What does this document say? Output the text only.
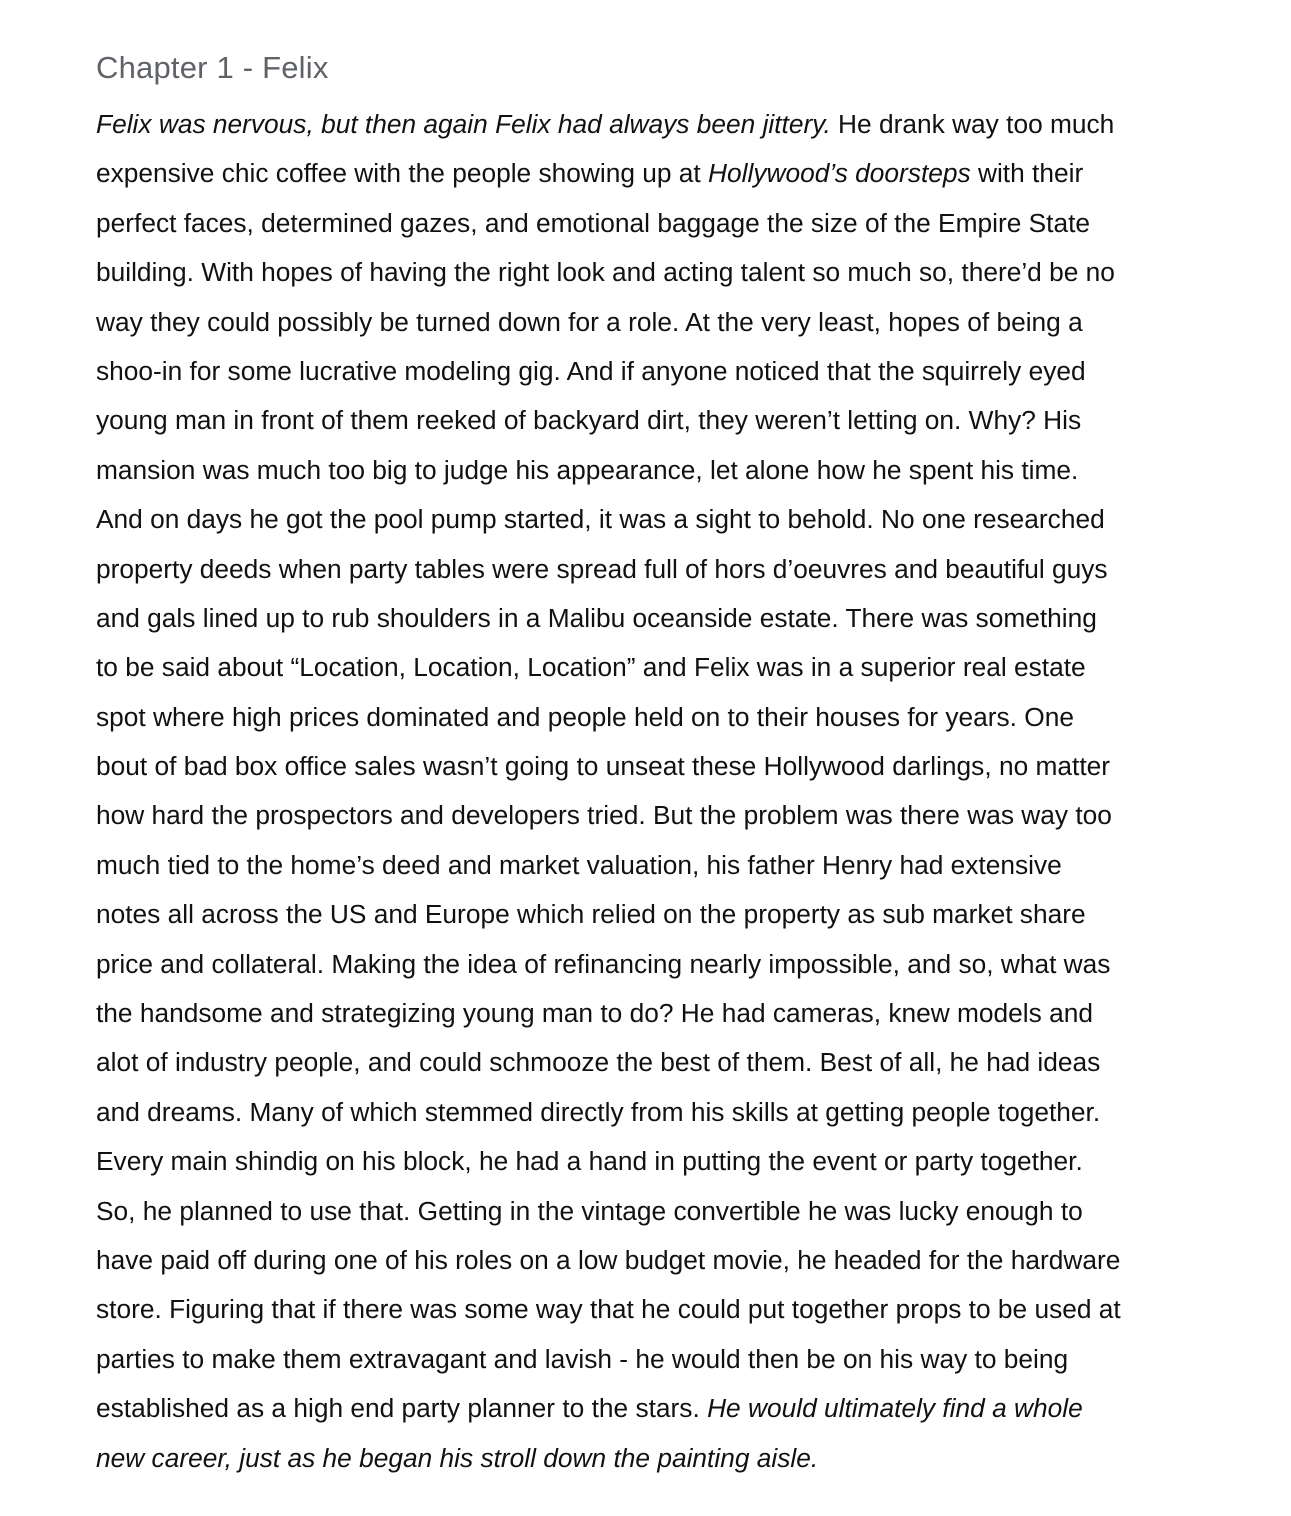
Chapter 1 - Felix

Felix was nervous, but then again Felix had always been jittery. He drank way too much
expensive chic coffee with the people showing up at Hollywood’s doorsteps with their
perfect faces, determined gazes, and emotional baggage the size of the Empire State
building. With hopes of having the right look and acting talent so much so, there’d be no
way they could possibly be turned down for a role. At the very least, hopes of being a
shoo-in for some lucrative modeling gig. And if anyone noticed that the squirrely eyed
young man in front of them reeked of backyard dirt, they weren’t letting on. Why? His
mansion was much too big to judge his appearance, let alone how he spent his time.
And on days he got the pool pump started, it was a sight to behold. No one researched
property deeds when party tables were spread full of hors d’oeuvres and beautiful guys
and gals lined up to rub shoulders in a Malibu oceanside estate. There was something
to be said about “Location, Location, Location” and Felix was in a superior real estate
spot where high prices dominated and people held on to their houses for years. One
bout of bad box office sales wasn’t going to unseat these Hollywood darlings, no matter
how hard the prospectors and developers tried. But the problem was there was way too
much tied to the home’s deed and market valuation, his father Henry had extensive
notes all across the US and Europe which relied on the property as sub market share
price and collateral. Making the idea of refinancing nearly impossible, and so, what was
the handsome and strategizing young man to do? He had cameras, knew models and
alot of industry people, and could schmooze the best of them. Best of all, he had ideas
and dreams. Many of which stemmed directly from his skills at getting people together.
Every main shindig on his block, he had a hand in putting the event or party together.
So, he planned to use that. Getting in the vintage convertible he was lucky enough to
have paid off during one of his roles on a low budget movie, he headed for the hardware
store. Figuring that if there was some way that he could put together props to be used at
parties to make them extravagant and lavish - he would then be on his way to being
established as a high end party planner to the stars. He would ultimately find a whole
new career, just as he began his stroll down the painting aisle.
